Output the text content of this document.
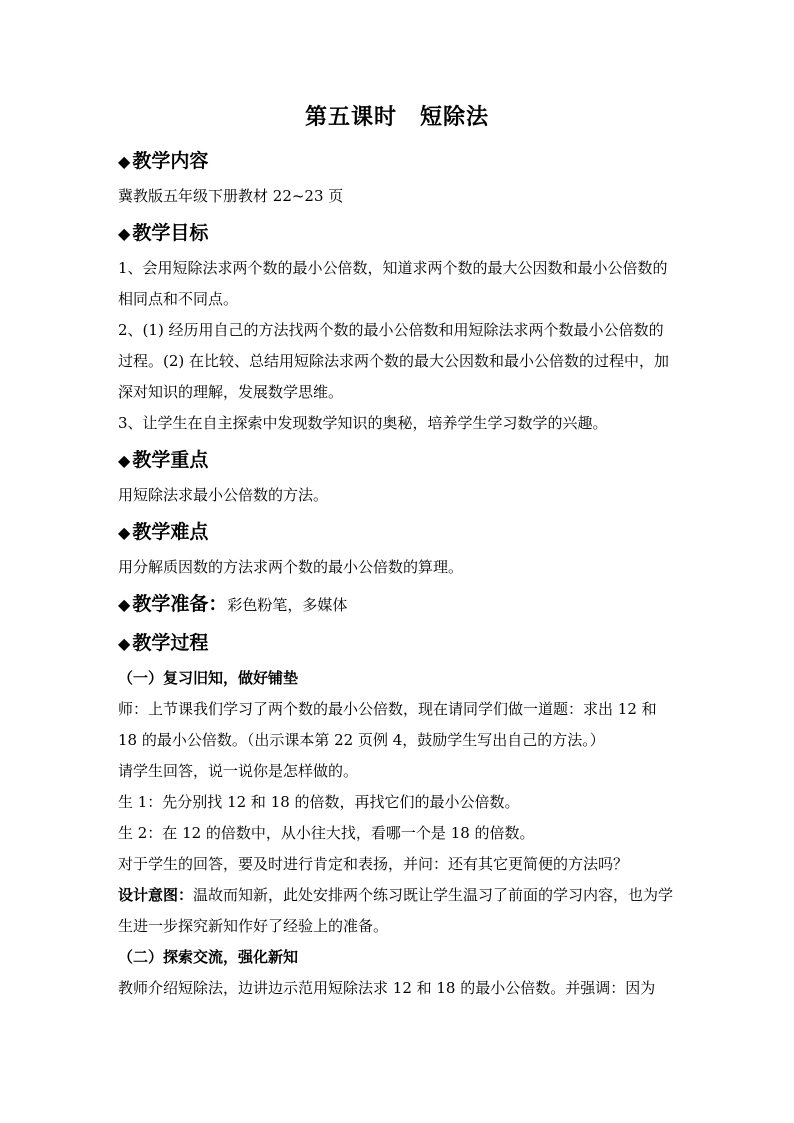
第五课时　短除法
◆ 教学内容

冀教版五年级下册教材 22~23 页

◆ 教学目标

1、会用短除法求两个数的最小公倍数，知道求两个数的最大公因数和最小公倍数的相同点和不同点。

2、(1) 经历用自己的方法找两个数的最小公倍数和用短除法求两个数最小公倍数的过程。(2) 在比较、总结用短除法求两个数的最大公因数和最小公倍数的过程中，加深对知识的理解，发展数学思维。

3、让学生在自主探索中发现数学知识的奥秘，培养学生学习数学的兴趣。

◆ 教学重点

用短除法求最小公倍数的方法。

◆ 教学难点

用分解质因数的方法求两个数的最小公倍数的算理。

◆ 教学准备：彩色粉笔，多媒体
◆ 教学过程

（一）复习旧知，做好铺垫

师：上节课我们学习了两个数的最小公倍数，现在请同学们做一道题：求出 12 和 18 的最小公倍数。（出示课本第 22 页例 4，鼓励学生写出自己的方法。）

请学生回答，说一说你是怎样做的。

生 1：先分别找 12 和 18 的倍数，再找它们的最小公倍数。

生 2：在 12 的倍数中，从小往大找，看哪一个是 18 的倍数。

对于学生的回答，要及时进行肯定和表扬，并问：还有其它更简便的方法吗？

设计意图：温故而知新，此处安排两个练习既让学生温习了前面的学习内容，也为学生进一步探究新知作好了经验上的准备。

（二）探索交流，强化新知

教师介绍短除法，边讲边示范用短除法求 12 和 18 的最小公倍数。并强调：因为
